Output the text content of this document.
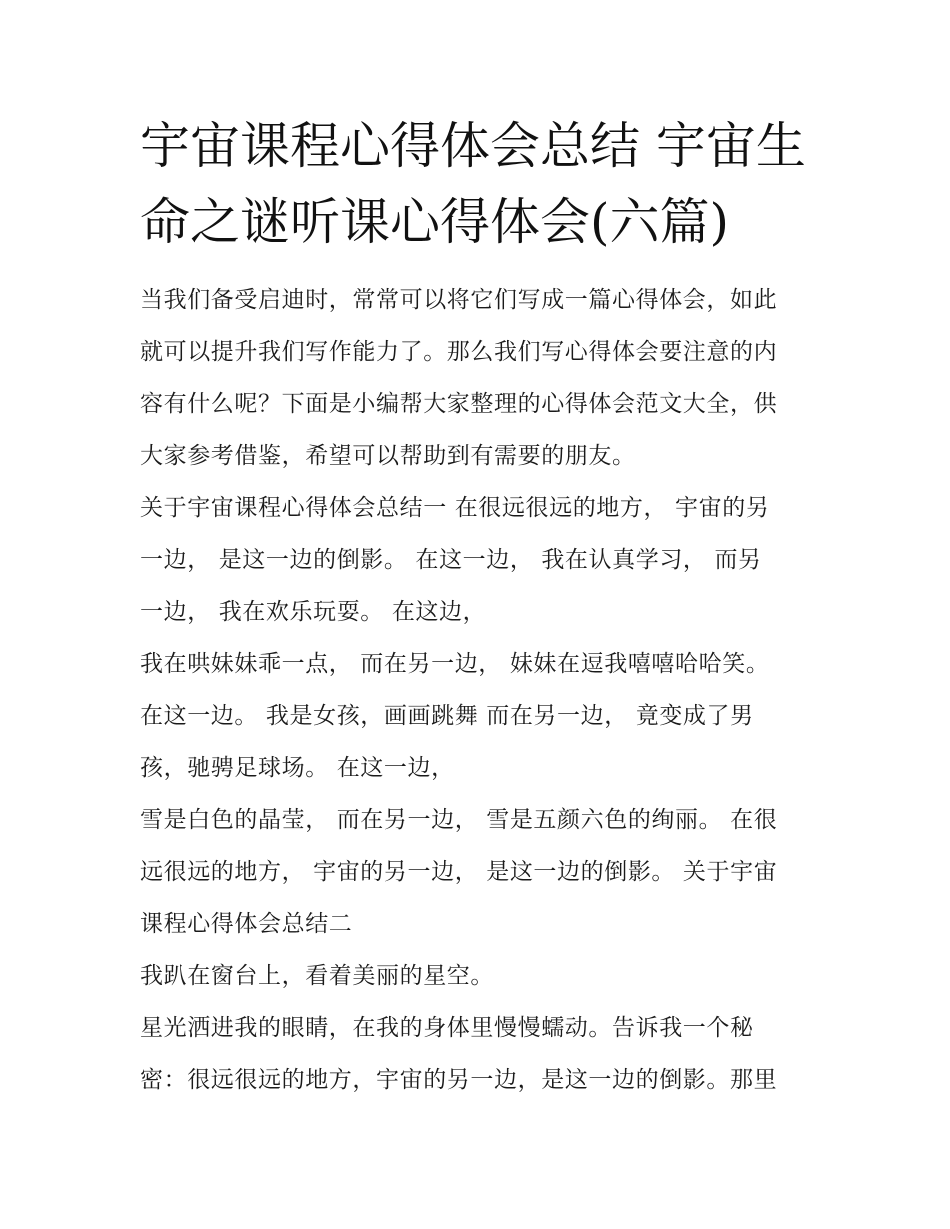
宇宙课程心得体会总结 宇宙生
命之谜听课心得体会(六篇)

当我们备受启迪时，常常可以将它们写成一篇心得体会，如此

就可以提升我们写作能力了。那么我们写心得体会要注意的内

容有什么呢？下面是小编帮大家整理的心得体会范文大全，供

大家参考借鉴，希望可以帮助到有需要的朋友。

关于宇宙课程心得体会总结一 在很远很远的地方， 宇宙的另

一边， 是这一边的倒影。 在这一边， 我在认真学习， 而另

一边， 我在欢乐玩耍。 在这边，

我在哄妹妹乖一点， 而在另一边， 妹妹在逗我嘻嘻哈哈笑。

在这一边。 我是女孩，画画跳舞 而在另一边， 竟变成了男

孩，驰骋足球场。 在这一边，

雪是白色的晶莹， 而在另一边， 雪是五颜六色的绚丽。 在很

远很远的地方， 宇宙的另一边， 是这一边的倒影。 关于宇宙

课程心得体会总结二

我趴在窗台上，看着美丽的星空。

星光洒进我的眼睛，在我的身体里慢慢蠕动。告诉我一个秘

密：很远很远的地方，宇宙的另一边，是这一边的倒影。那里
